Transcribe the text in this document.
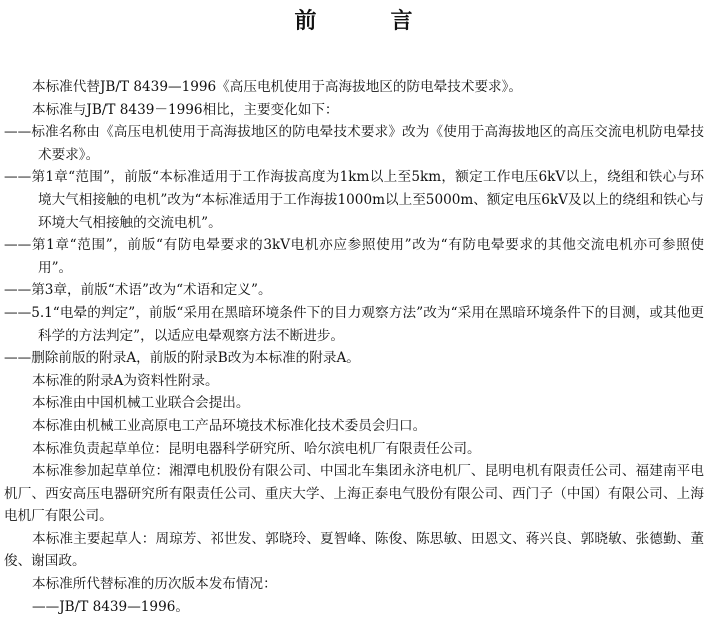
前　言

本标准代替JB/T 8439—1996《高压电机使用于高海拔地区的防电晕技术要求》。

本标准与JB/T 8439－1996相比，主要变化如下：

——标准名称由《高压电机使用于高海拔地区的防电晕技术要求》改为《使用于高海拔地区的高压交流电机防电晕技术要求》。

——第1章“范围”，前版“本标准适用于工作海拔高度为1km以上至5km，额定工作电压6kV以上，绕组和铁心与环境大气相接触的电机”改为“本标准适用于工作海拔1000m以上至5000m、额定电压6kV及以上的绕组和铁心与环境大气相接触的交流电机”。

——第1章“范围”，前版“有防电晕要求的3kV电机亦应参照使用”改为“有防电晕要求的其他交流电机亦可参照使用”。

——第3章，前版“术语”改为“术语和定义”。

——5.1“电晕的判定”，前版“采用在黑暗环境条件下的目力观察方法”改为“采用在黑暗环境条件下的目测，或其他更科学的方法判定”，以适应电晕观察方法不断进步。

——删除前版的附录A，前版的附录B改为本标准的附录A。

本标准的附录A为资料性附录。

本标准由中国机械工业联合会提出。

本标准由机械工业高原电工产品环境技术标准化技术委员会归口。

本标准负责起草单位：昆明电器科学研究所、哈尔滨电机厂有限责任公司。

本标准参加起草单位：湘潭电机股份有限公司、中国北车集团永济电机厂、昆明电机有限责任公司、福建南平电机厂、西安高压电器研究所有限责任公司、重庆大学、上海正泰电气股份有限公司、西门子（中国）有限公司、上海电机厂有限公司。

本标准主要起草人：周琼芳、祁世发、郭晓玲、夏智峰、陈俊、陈思敏、田恩文、蒋兴良、郭晓敏、张德勤、董俊、谢国政。

本标准所代替标准的历次版本发布情况：

——JB/T 8439—1996。
